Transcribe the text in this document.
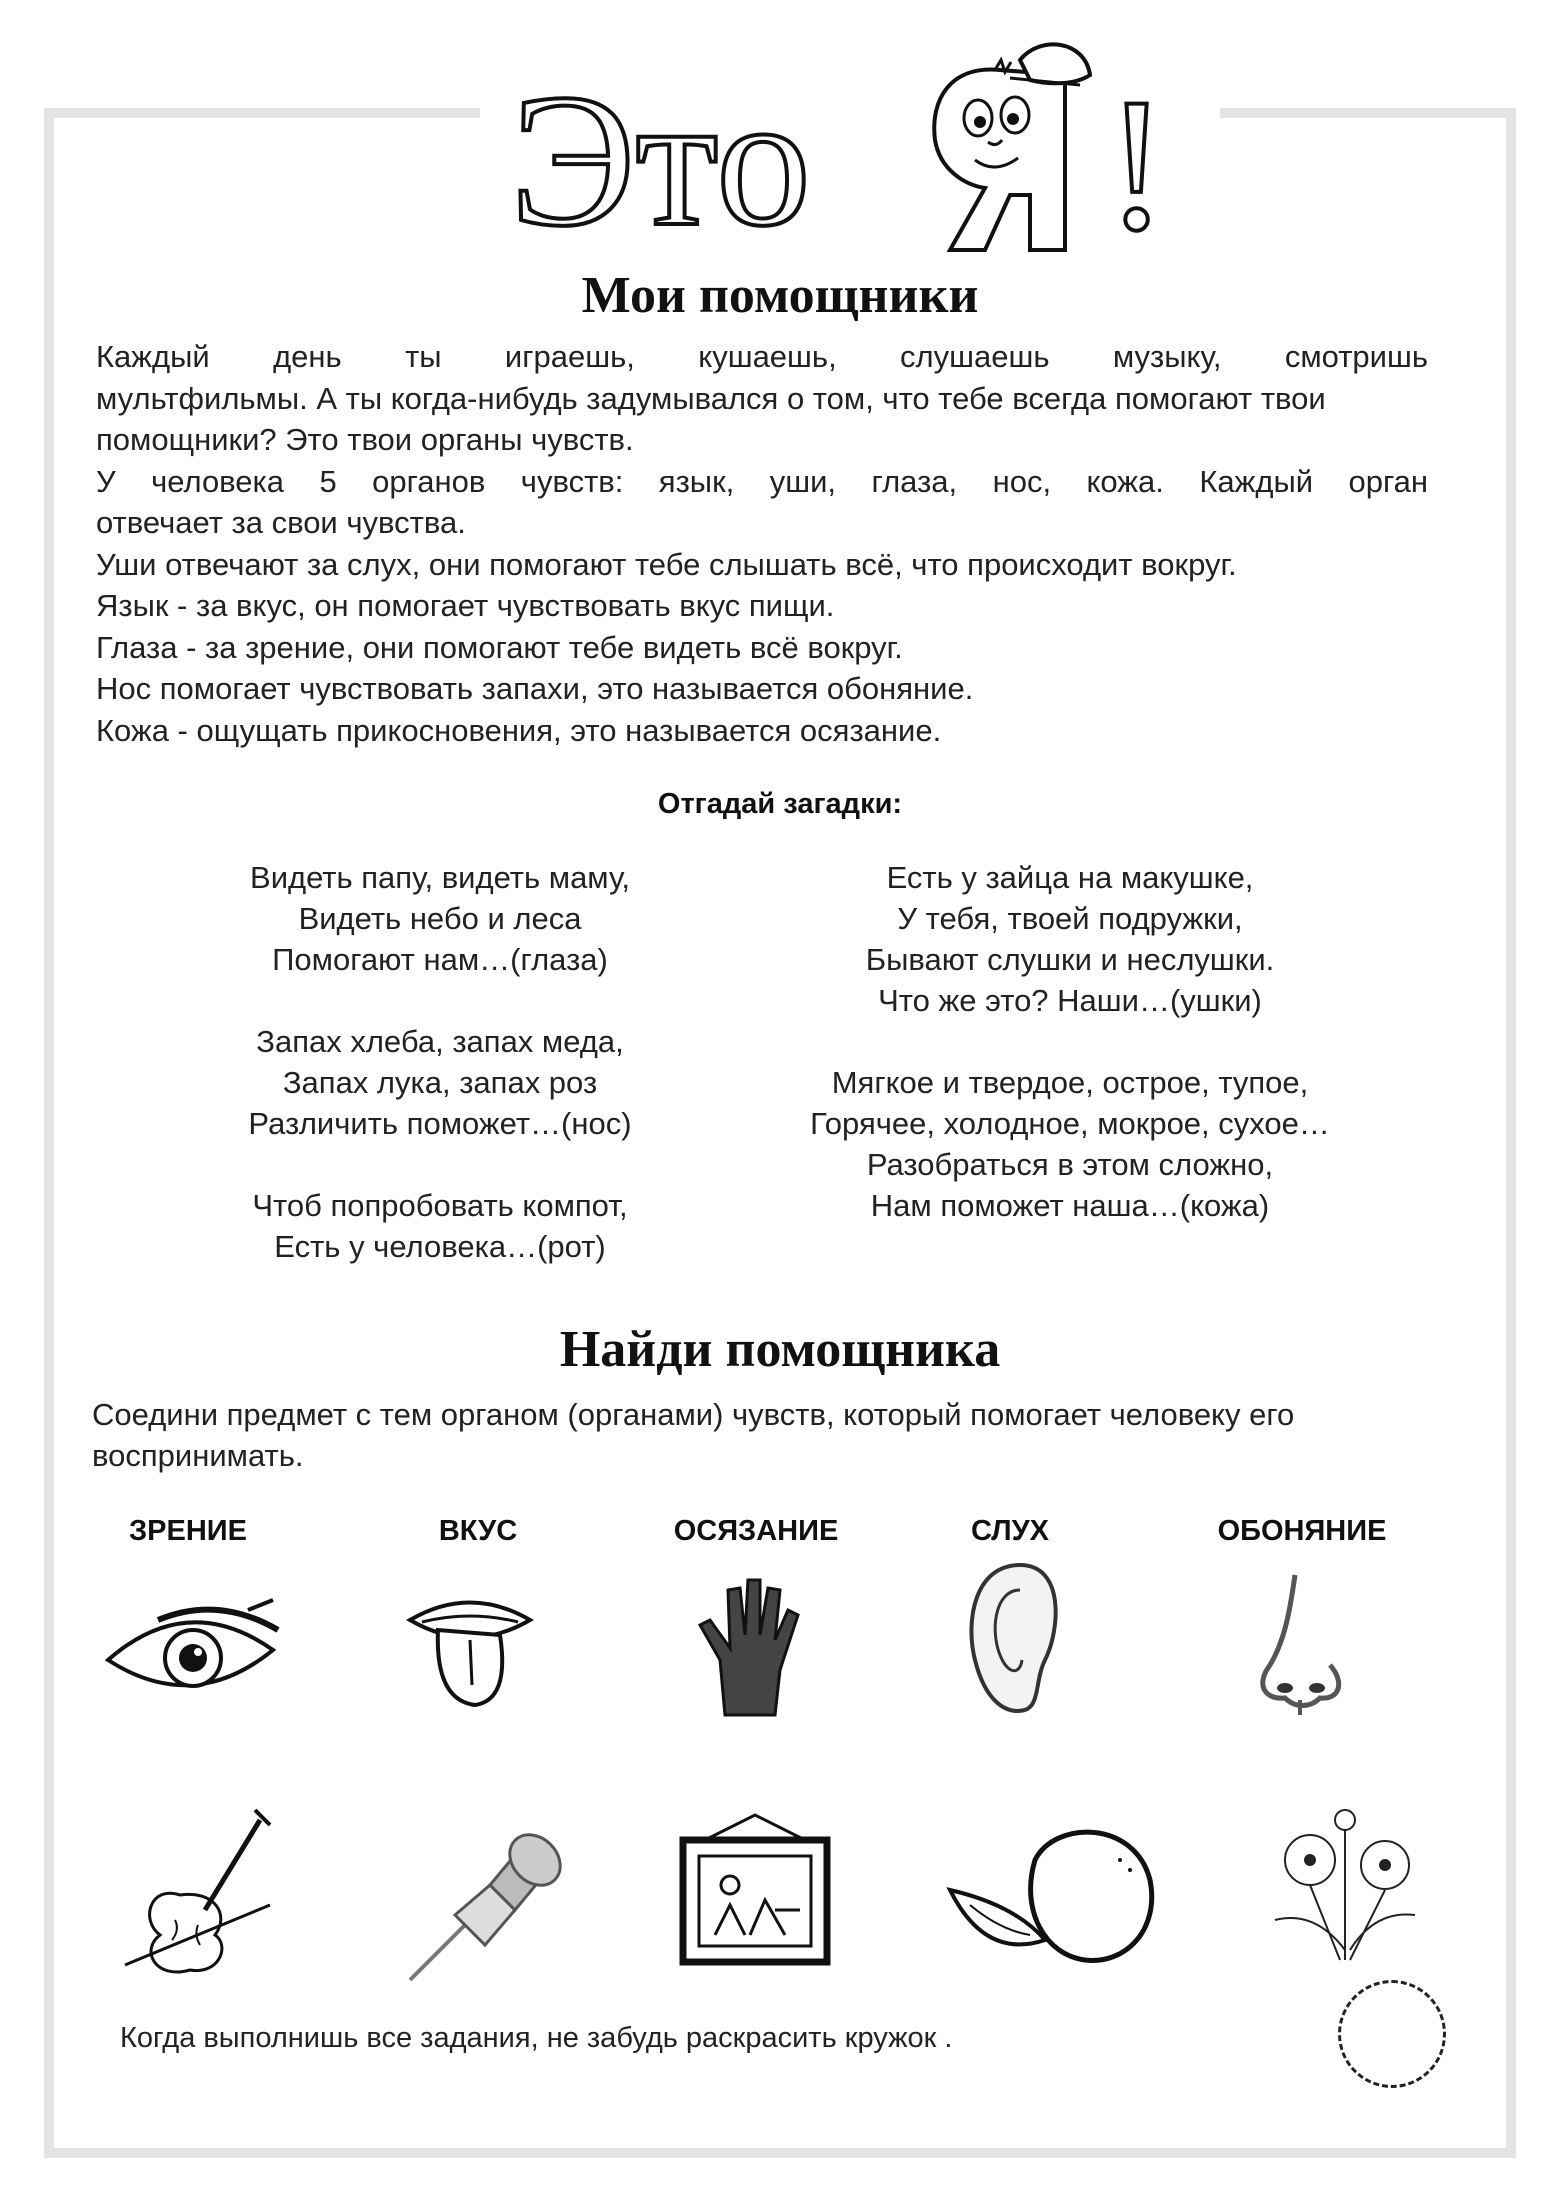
Это !
Мои помощники

Каждый день ты играешь, кушаешь, слушаешь музыку, смотришь

мультфильмы. А ты когда-нибудь задумывался о том, что тебе всегда помогают твои помощники? Это твои органы чувств.

У человека 5 органов чувств: язык, уши, глаза, нос, кожа. Каждый орган

отвечает за свои чувства.

Уши отвечают за слух, они помогают тебе слышать всё, что происходит вокруг.

Язык - за вкус, он помогает чувствовать вкус пищи.

Глаза - за зрение, они помогают тебе видеть всё вокруг.

Нос помогает чувствовать запахи, это называется обоняние.

Кожа - ощущать прикосновения, это называется осязание.

Отгадай загадки:
Видеть папу, видеть маму,
Видеть небо и леса
Помогают нам…(глаза)
Запах хлеба, запах меда,
Запах лука, запах роз
Различить поможет…(нос)
Чтоб попробовать компот,
Есть у человека…(рот)
Есть у зайца на макушке,
У тебя, твоей подружки,
Бывают слушки и неслушки.
Что же это? Наши…(ушки)
Мягкое и твердое, острое, тупое,
Горячее, холодное, мокрое, сухое…
Разобраться в этом сложно,
Нам поможет наша…(кожа)
Найди помощника
Соедини предмет с тем органом (органами) чувств, который помогает человеку его воспринимать.
ЗРЕНИЕ	ВКУС	ОСЯЗАНИЕ	СЛУХ	ОБОНЯНИЕ
Когда выполнишь все задания, не забудь раскрасить кружок .
